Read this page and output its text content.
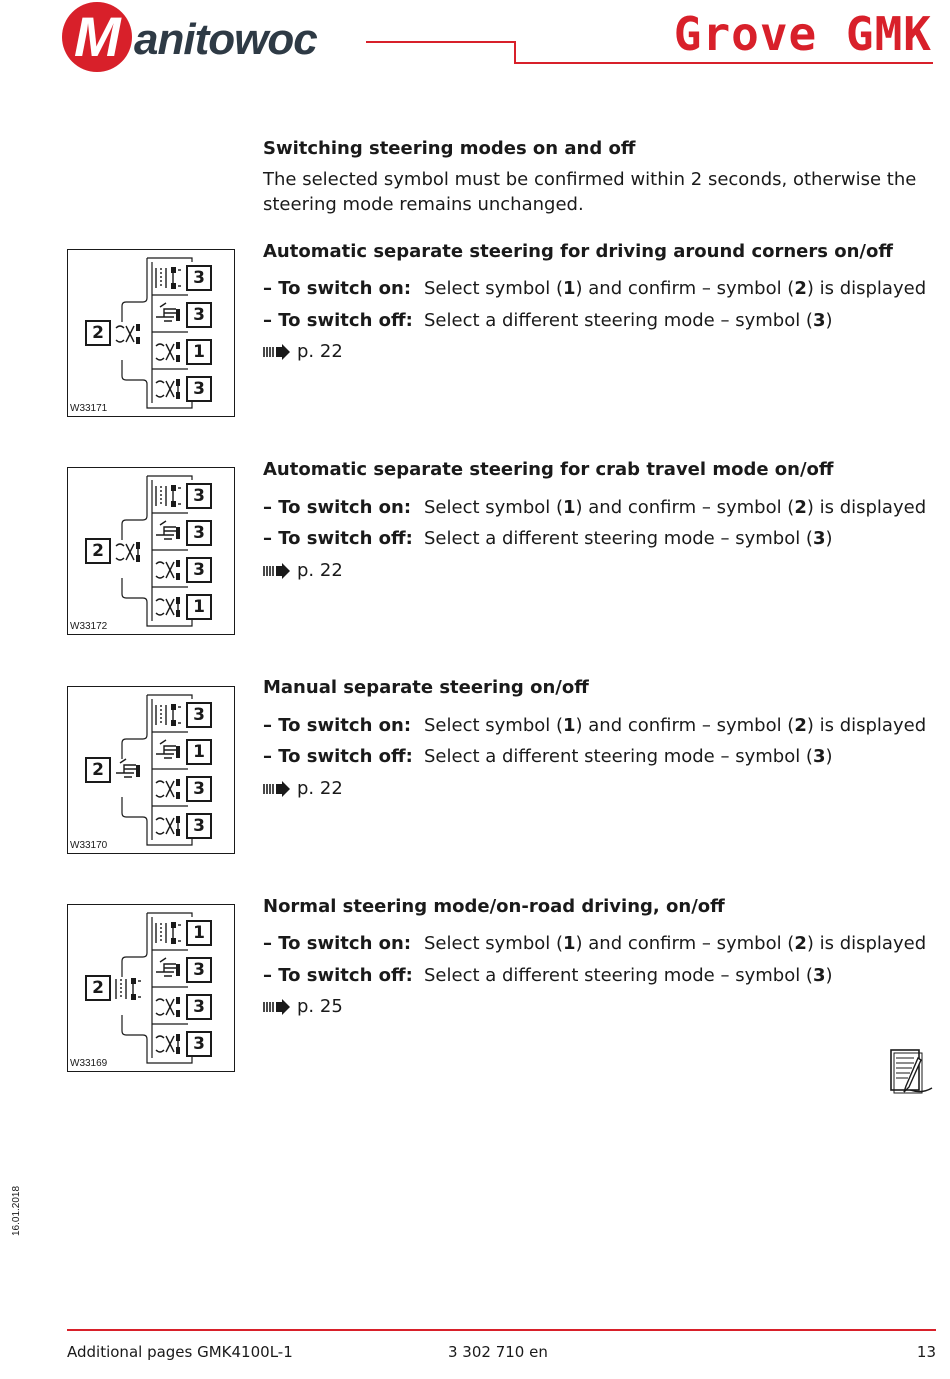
M anitowoc	Grove GMK
Switching steering modes on and off
The selected symbol must be confirmed within 2 seconds, otherwise the steering mode remains unchanged.
Automatic separate steering for driving around corners on/off
– To switch on: Select symbol (1) and confirm – symbol (2) is displayed
– To switch off: Select a different steering mode – symbol (3)
p. 22
Automatic separate steering for crab travel mode on/off
– To switch on: Select symbol (1) and confirm – symbol (2) is displayed
– To switch off: Select a different steering mode – symbol (3)
p. 22
Manual separate steering on/off
– To switch on: Select symbol (1) and confirm – symbol (2) is displayed
– To switch off: Select a different steering mode – symbol (3)
p. 22
Normal steering mode/on-road driving, on/off
– To switch on: Select symbol (1) and confirm – symbol (2) is displayed
– To switch off: Select a different steering mode – symbol (3)
p. 25
2
3
3
1
3
W33171
2
3
3
3
1
W33172
2
3
1
3
3
W33170
2
1
3
3
3
W33169
16.01.2018
Additional pages GMK4100L-1	3 302 710 en	13
